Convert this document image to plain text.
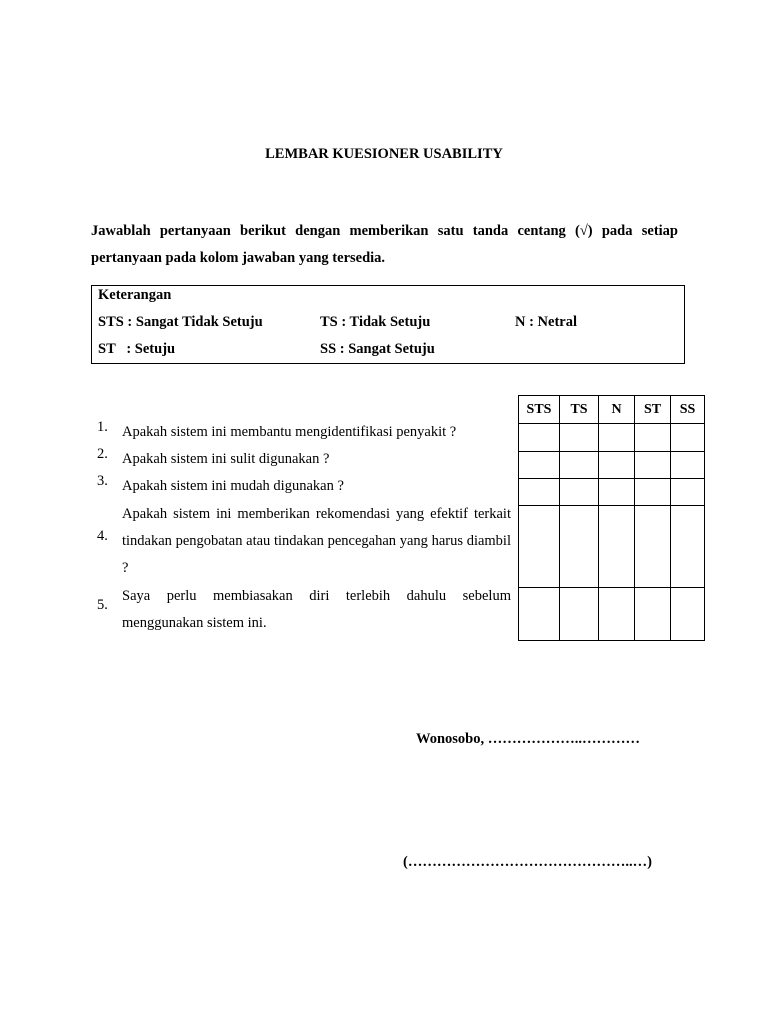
LEMBAR KUESIONER USABILITY
Jawablah pertanyaan berikut dengan memberikan satu tanda centang (√) pada setiap pertanyaan pada kolom jawaban yang tersedia.
Keterangan
STS : Sangat Tidak Setuju	TS : Tidak Setuju	N : Netral
ST   : Setuju	SS : Sangat Setuju
STS	TS	N	ST	SS

1. Apakah sistem ini membantu mengidentifikasi penyakit ?
2. Apakah sistem ini sulit digunakan ?
3. Apakah sistem ini mudah digunakan ?
4.
Apakah sistem ini memberikan rekomendasi yang efektif terkait tindakan pengobatan atau tindakan pencegahan yang harus diambil ?
5.
Saya perlu membiasakan diri terlebih dahulu sebelum menggunakan sistem ini.
Wonosobo, ………………..…………
(………………………………………..…)
